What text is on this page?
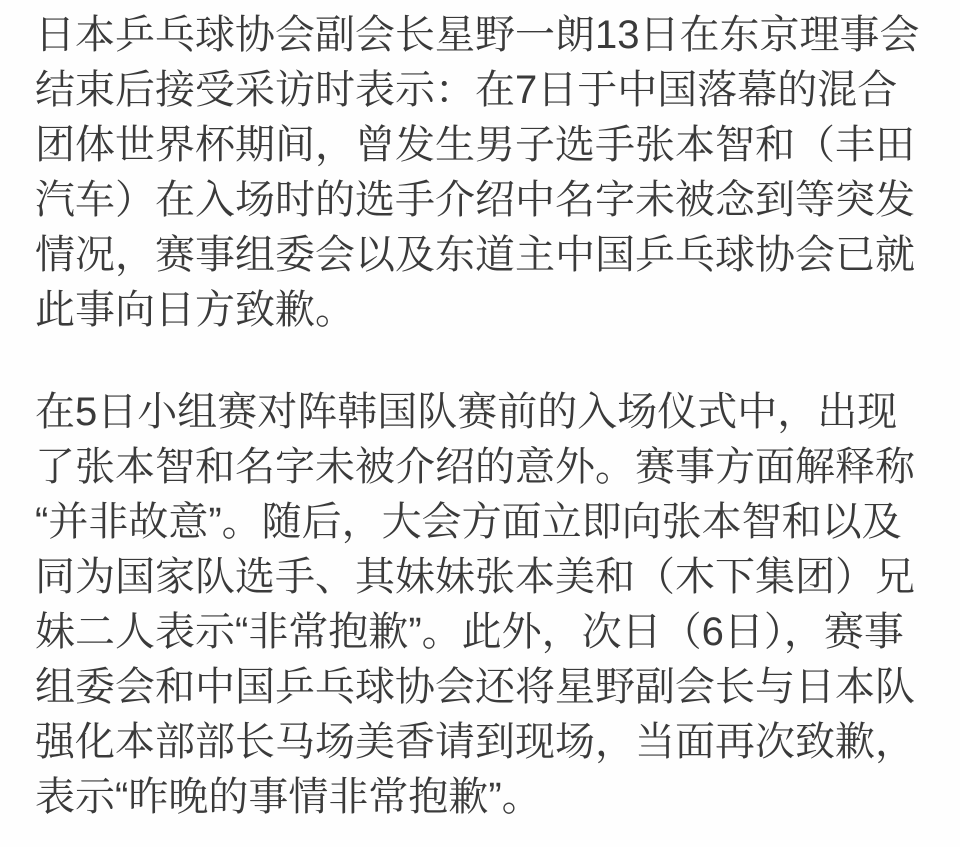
日本乒乓球协会副会长星野一朗13日在东京理事会
结束后接受采访时表示：在7日于中国落幕的混合
团体世界杯期间，曾发生男子选手张本智和（丰田
汽车）在入场时的选手介绍中名字未被念到等突发
情况，赛事组委会以及东道主中国乒乓球协会已就
此事向日方致歉。
在5日小组赛对阵韩国队赛前的入场仪式中，出现
了张本智和名字未被介绍的意外。赛事方面解释称
“并非故意”。随后，大会方面立即向张本智和以及
同为国家队选手、其妹妹张本美和（木下集团）兄
妹二人表示“非常抱歉”。此外，次日（6日），赛事
组委会和中国乒乓球协会还将星野副会长与日本队
强化本部部长马场美香请到现场，当面再次致歉，
表示“昨晚的事情非常抱歉”。
